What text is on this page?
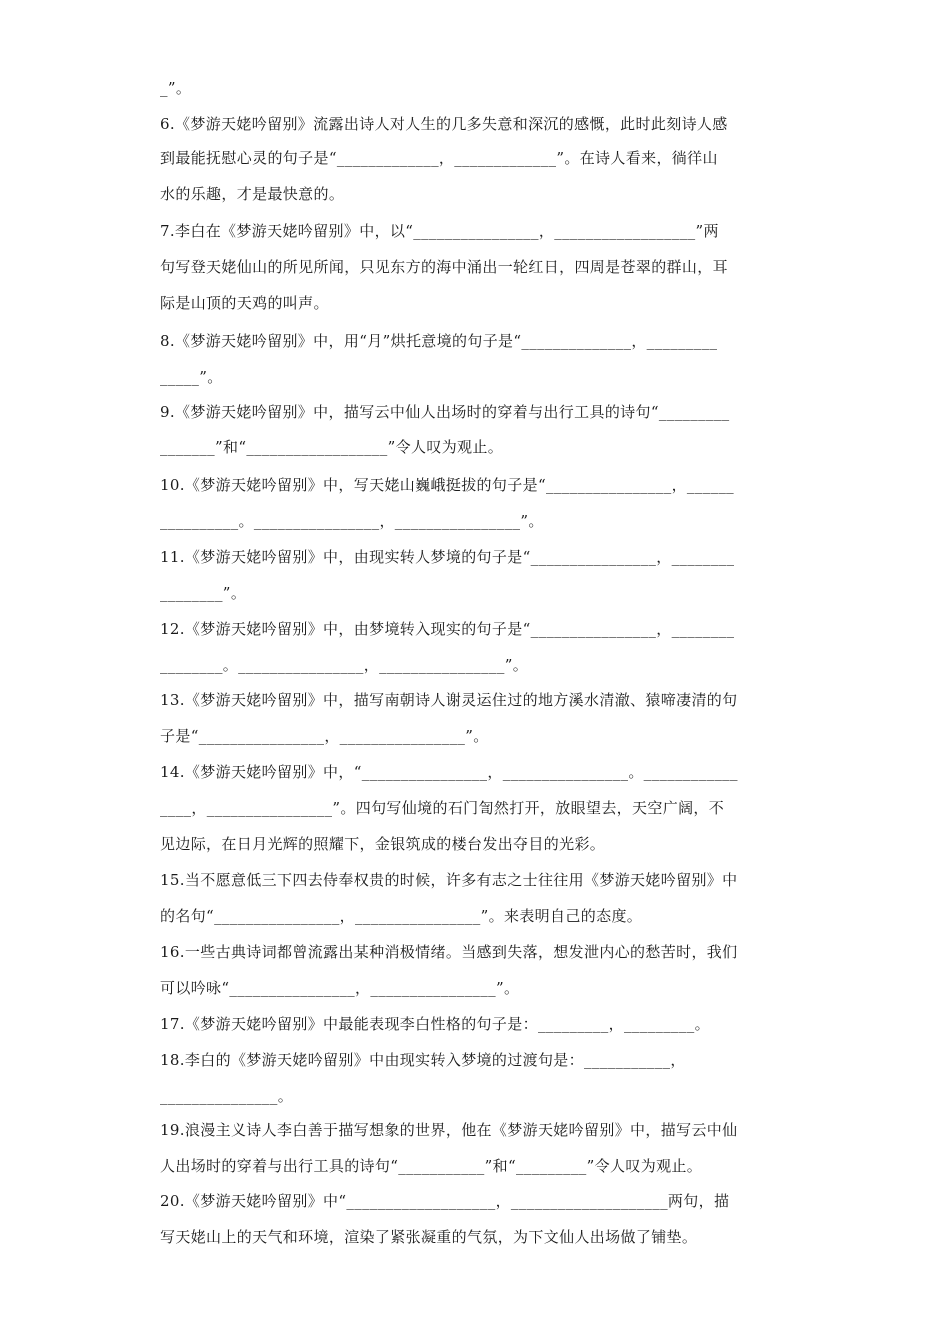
_”。
6.《梦游天姥吟留别》流露出诗人对人生的几多失意和深沉的感慨，此时此刻诗人感
到最能抚慰心灵的句子是“_____________，_____________”。在诗人看来，徜徉山
水的乐趣，才是最快意的。
7.李白在《梦游天姥吟留别》中，以“________________，__________________”两
句写登天姥仙山的所见所闻，只见东方的海中涌出一轮红日，四周是苍翠的群山，耳
际是山顶的天鸡的叫声。
8.《梦游天姥吟留别》中，用“月”烘托意境的句子是“______________，_________
_____”。
9.《梦游天姥吟留别》中，描写云中仙人出场时的穿着与出行工具的诗句“_________
_______”和“__________________”令人叹为观止。
10.《梦游天姥吟留别》中，写天姥山巍峨挺拔的句子是“________________，______
__________。________________，________________”。
11.《梦游天姥吟留别》中，由现实转人梦境的句子是“________________，________
________”。
12.《梦游天姥吟留别》中，由梦境转入现实的句子是“________________，________
________。________________，________________”。
13.《梦游天姥吟留别》中，描写南朝诗人谢灵运住过的地方溪水清澈、猿啼凄清的句
子是“________________，________________”。
14.《梦游天姥吟留别》中，“________________，________________。____________
____，________________”。四句写仙境的石门訇然打开，放眼望去，天空广阔，不
见边际，在日月光辉的照耀下，金银筑成的楼台发出夺目的光彩。
15.当不愿意低三下四去侍奉权贵的时候，许多有志之士往往用《梦游天姥吟留别》中
的名句“________________，________________”。来表明自己的态度。
16.一些古典诗词都曾流露出某种消极情绪。当感到失落，想发泄内心的愁苦时，我们
可以吟咏“________________，________________”。
17.《梦游天姥吟留别》中最能表现李白性格的句子是：_________，_________。
18.李白的《梦游天姥吟留别》中由现实转入梦境的过渡句是：___________，
_______________。
19.浪漫主义诗人李白善于描写想象的世界，他在《梦游天姥吟留别》中，描写云中仙
人出场时的穿着与出行工具的诗句“___________”和“_________”令人叹为观止。
20.《梦游天姥吟留别》中“___________________，____________________两句，描
写天姥山上的天气和环境，渲染了紧张凝重的气氛，为下文仙人出场做了铺垫。
